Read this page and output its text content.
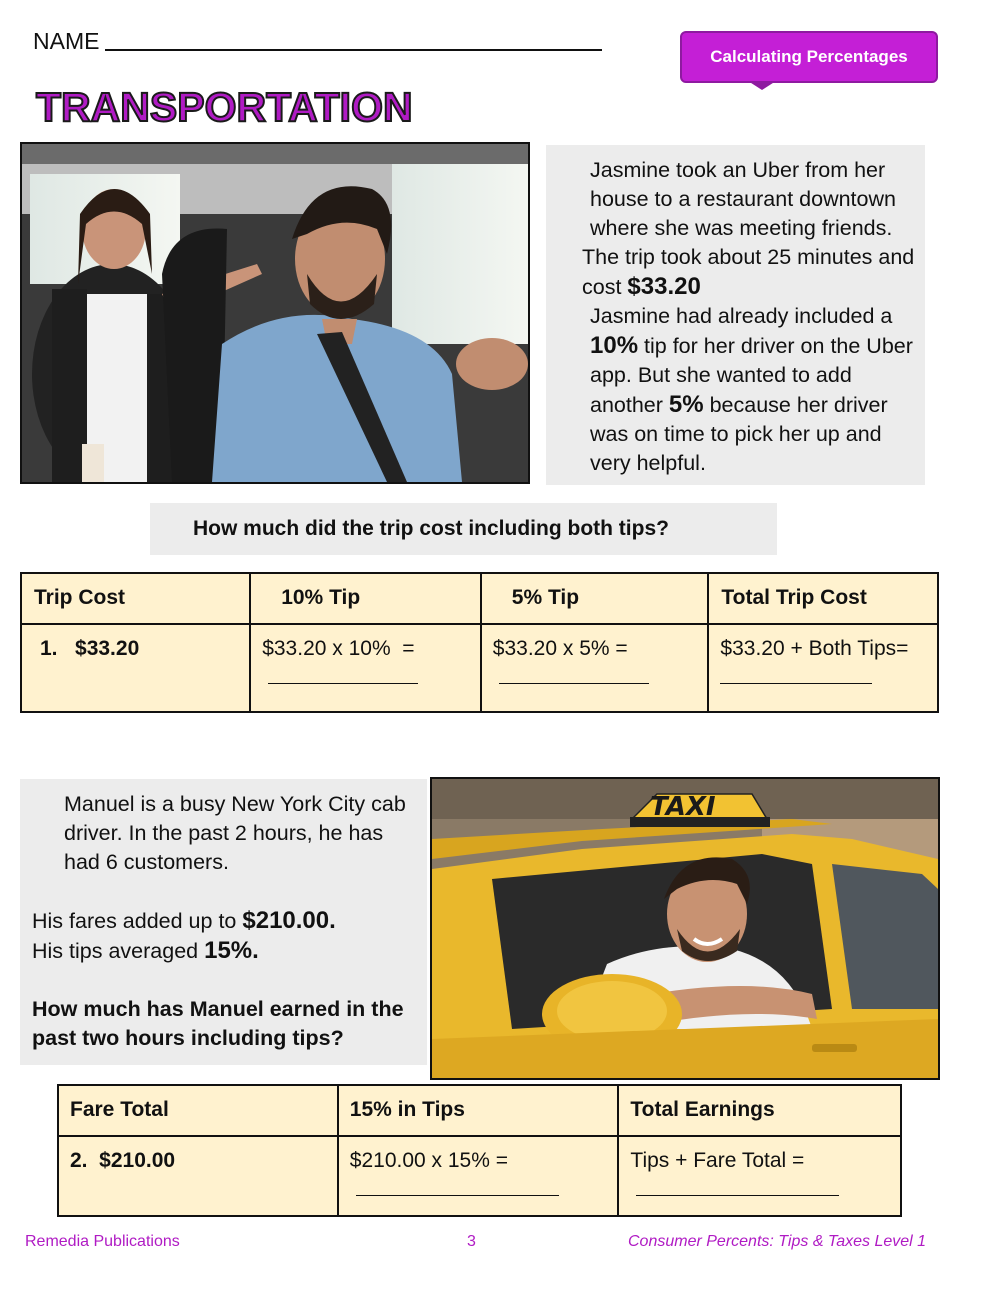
NAME
Calculating Percentages
TRANSPORTATION

Jasmine took an Uber from her house to a restaurant downtown where she was meeting friends.

The trip took about 25 minutes and cost $33.20

Jasmine had already included a 10% tip for her driver on the Uber app. But she wanted to add another 5% because her driver was on time to pick her up and very helpful.

How much did the trip cost including both tips?
Trip Cost	10% Tip	5% Tip	Total Trip Cost
1.   $33.20	$33.20 x 10%  =	$33.20 x 5% =	$33.20 + Both Tips=

Manuel is a busy New York City cab driver. In the past 2 hours, he has had 6 customers.

His fares added up to $210.00.

His tips averaged 15%.

How much has Manuel earned in the past two hours including tips?

TAXI
Fare Total	15% in Tips	Total Earnings
2.  $210.00	$210.00 x 15% =	Tips + Fare Total =
Remedia Publications	3	Consumer Percents: Tips & Taxes Level 1
